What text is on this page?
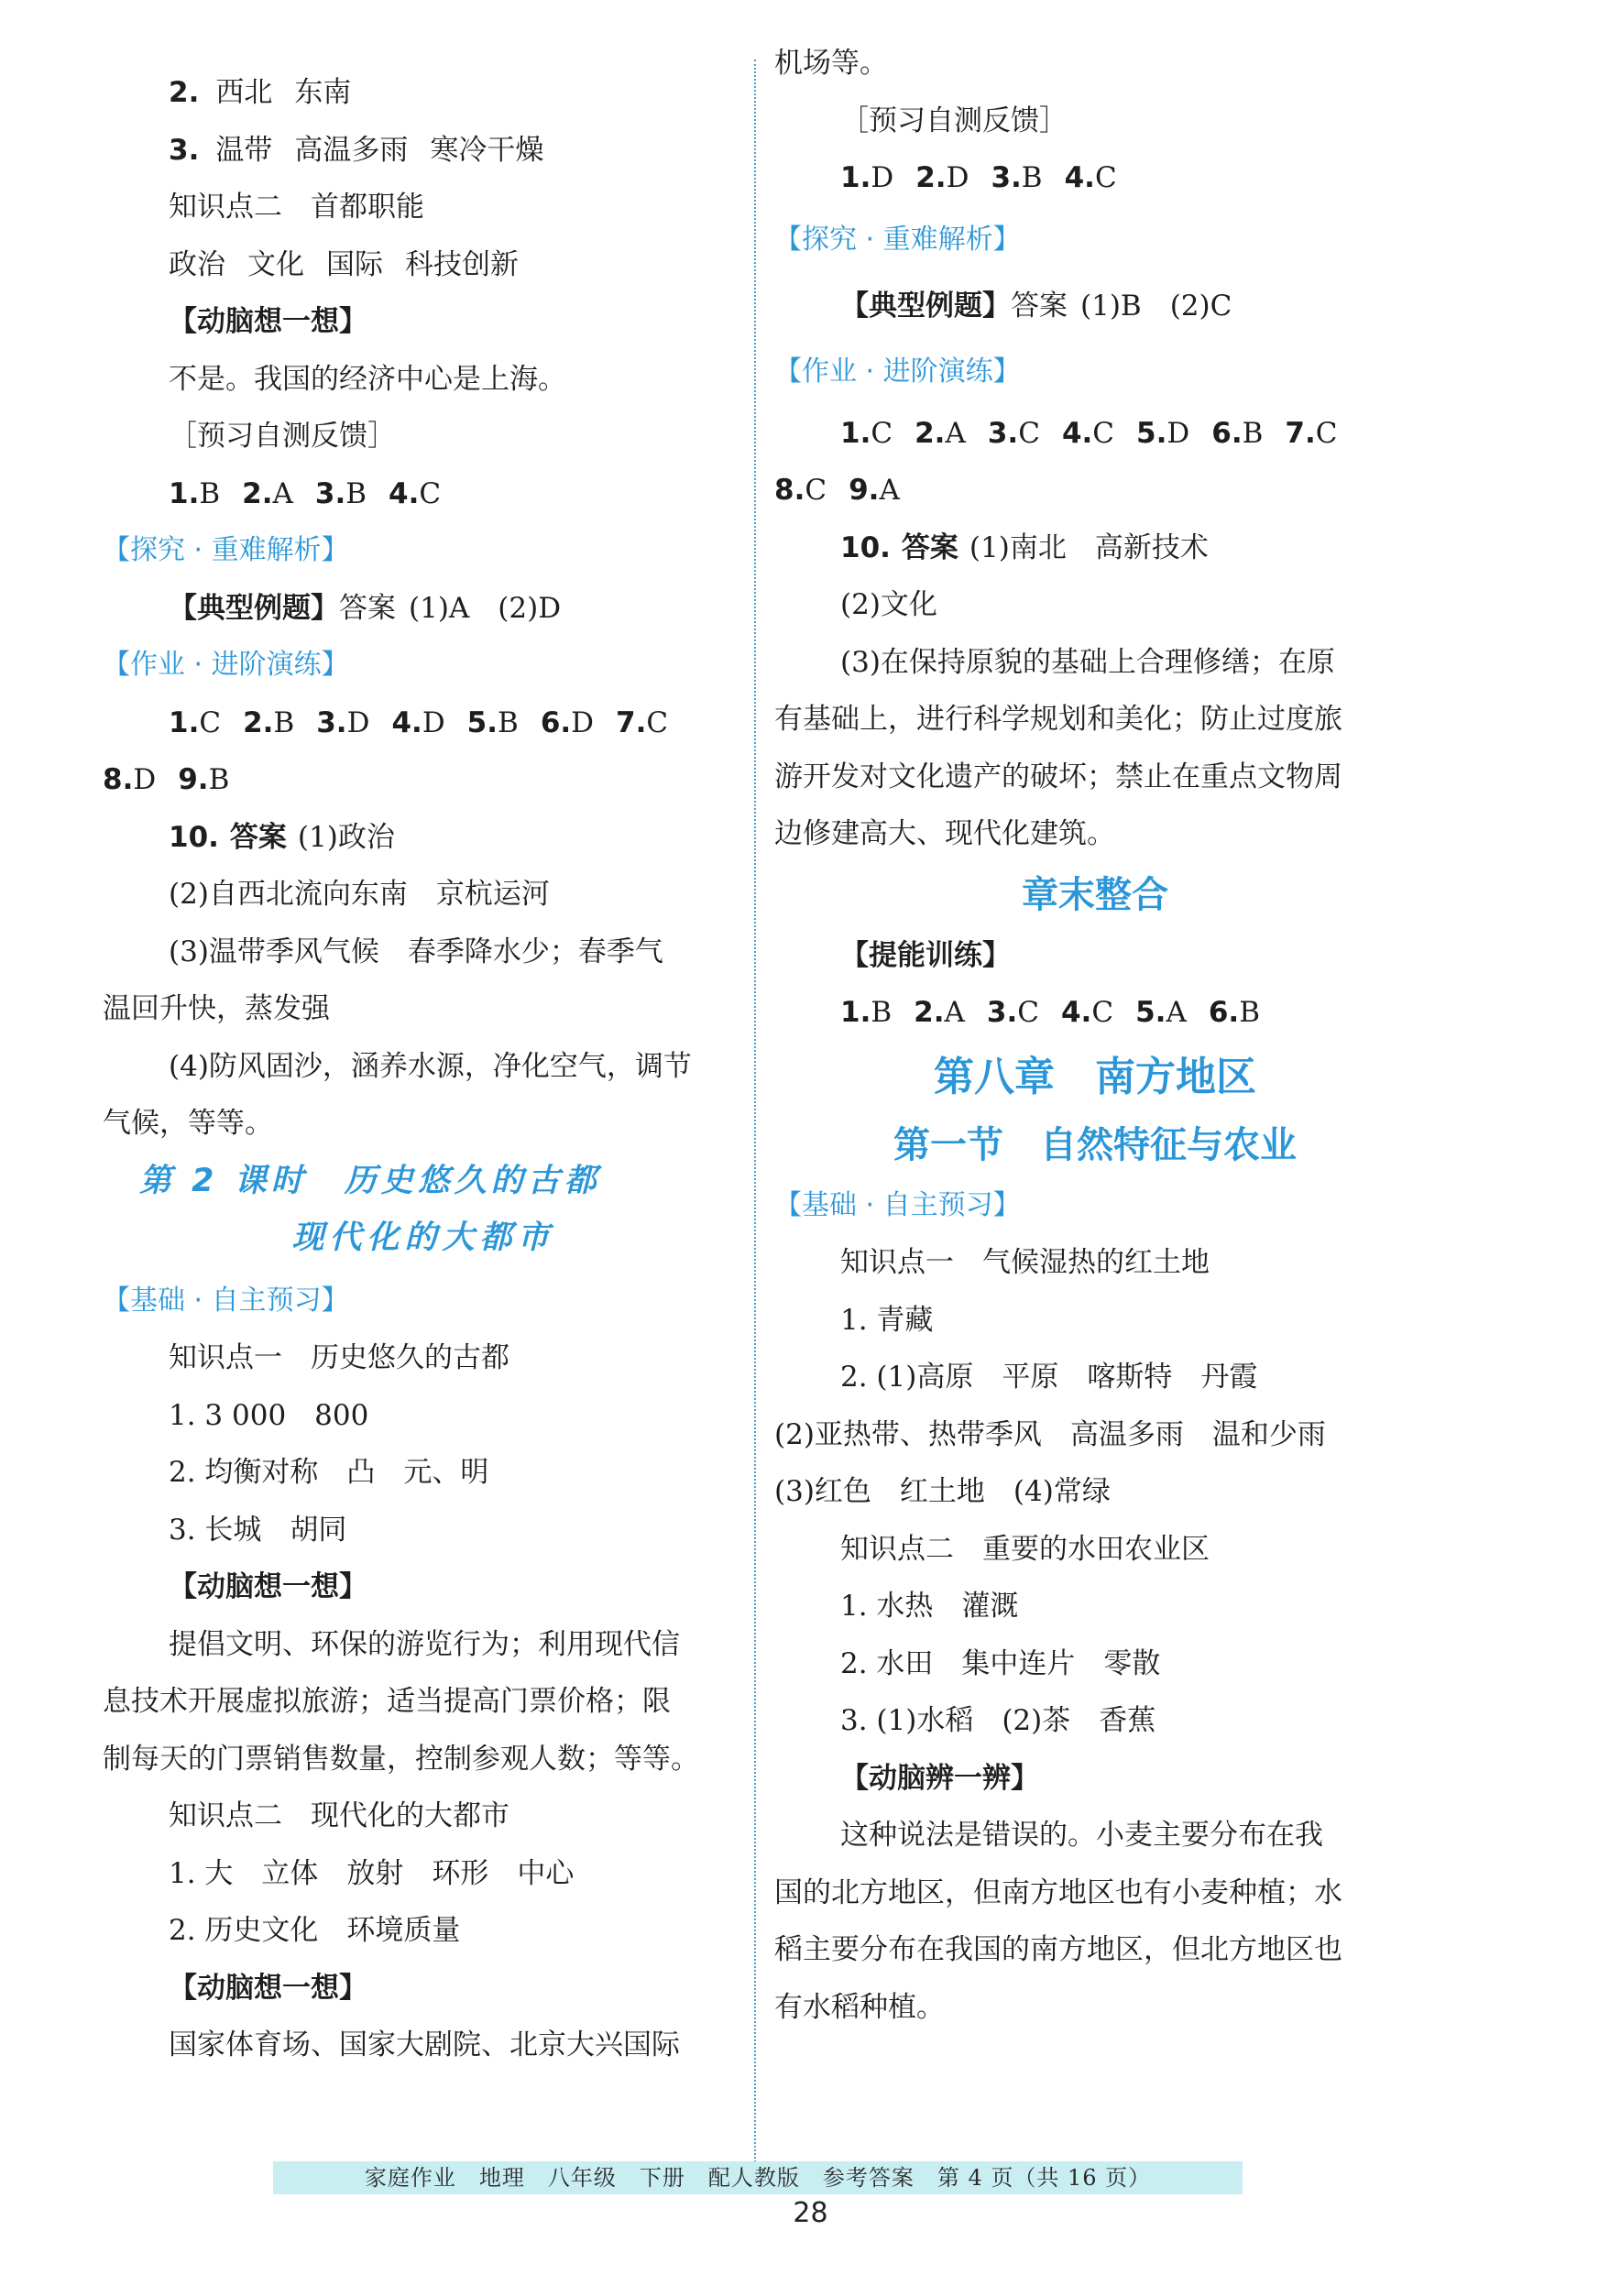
2. 西北 东南
3. 温带 高温多雨 寒冷干燥
知识点二　首都职能
政治 文化 国际 科技创新
【动脑想一想】
不是。我国的经济中心是上海。
［预习自测反馈］
1.B 2.A 3.B 4.C
【探究 · 重难解析】
【典型例题】答案 (1)A　(2)D
【作业 · 进阶演练】
1.C 2.B 3.D 4.D 5.B 6.D 7.C
8.D 9.B
10. 答案 (1)政治
(2)自西北流向东南　京杭运河
(3)温带季风气候　春季降水少；春季气
温回升快，蒸发强
(4)防风固沙，涵养水源，净化空气，调节
气候，等等。
第 2 课时　历史悠久的古都
现代化的大都市
【基础 · 自主预习】
知识点一　历史悠久的古都
1. 3 000　800
2. 均衡对称　凸　元、明
3. 长城　胡同
【动脑想一想】
提倡文明、环保的游览行为；利用现代信
息技术开展虚拟旅游；适当提高门票价格；限
制每天的门票销售数量，控制参观人数；等等。
知识点二　现代化的大都市
1. 大　立体　放射　环形　中心
2. 历史文化　环境质量
【动脑想一想】
国家体育场、国家大剧院、北京大兴国际
机场等。
［预习自测反馈］
1.D 2.D 3.B 4.C
【探究 · 重难解析】
【典型例题】答案 (1)B　(2)C
【作业 · 进阶演练】
1.C 2.A 3.C 4.C 5.D 6.B 7.C
8.C 9.A
10. 答案 (1)南北　高新技术
(2)文化
(3)在保持原貌的基础上合理修缮；在原
有基础上，进行科学规划和美化；防止过度旅
游开发对文化遗产的破坏；禁止在重点文物周
边修建高大、现代化建筑。
章末整合
【提能训练】
1.B 2.A 3.C 4.C 5.A 6.B
第八章　南方地区
第一节　自然特征与农业
【基础 · 自主预习】
知识点一　气候湿热的红土地
1. 青藏
2. (1)高原　平原　喀斯特　丹霞
(2)亚热带、热带季风　高温多雨　温和少雨
(3)红色　红土地　(4)常绿
知识点二　重要的水田农业区
1. 水热　灌溉
2. 水田　集中连片　零散
3. (1)水稻　(2)茶　香蕉
【动脑辨一辨】
这种说法是错误的。小麦主要分布在我
国的北方地区，但南方地区也有小麦种植；水
稻主要分布在我国的南方地区，但北方地区也
有水稻种植。
家庭作业　地理　八年级　下册　配人教版　参考答案　第 4 页（共 16 页）
28
